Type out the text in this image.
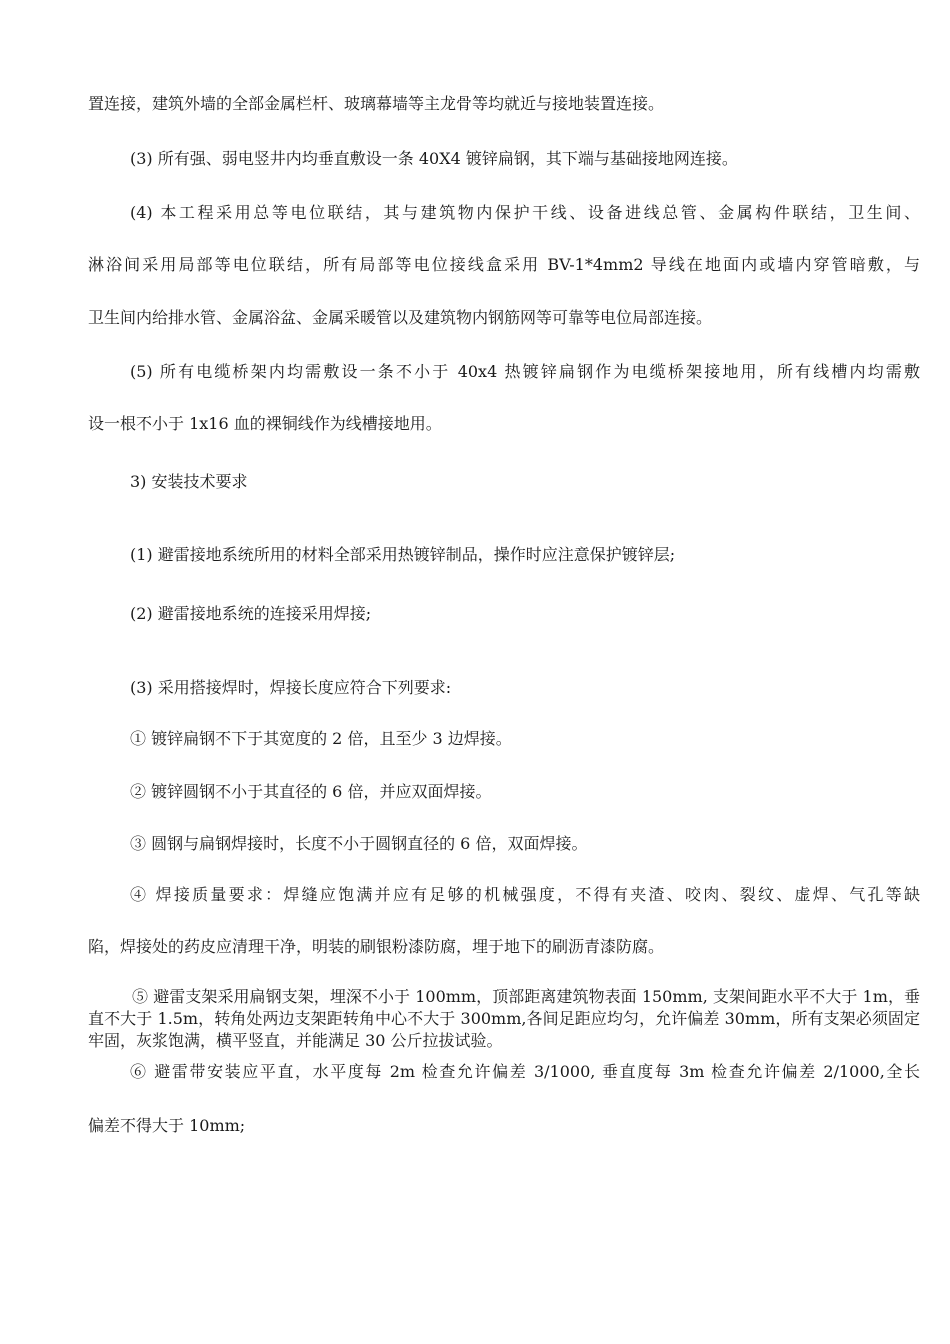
置连接，建筑外墙的全部金属栏杆、玻璃幕墙等主龙骨等均就近与接地装置连接。

(3) 所有强、弱电竖井内均垂直敷设一条 40X4 镀锌扁钢，其下端与基础接地网连接。

(4) 本工程采用总等电位联结，其与建筑物内保护干线、设备进线总管、金属构件联结，卫生间、

淋浴间采用局部等电位联结，所有局部等电位接线盒采用 BV-1*4mm2 导线在地面内或墙内穿管暗敷，与

卫生间内给排水管、金属浴盆、金属采暖管以及建筑物内钢筋网等可靠等电位局部连接。

(5) 所有电缆桥架内均需敷设一条不小于 40x4 热镀锌扁钢作为电缆桥架接地用，所有线槽内均需敷

设一根不小于 1x16 血的裸铜线作为线槽接地用。

3) 安装技术要求

(1) 避雷接地系统所用的材料全部采用热镀锌制品，操作时应注意保护镀锌层;

(2) 避雷接地系统的连接采用焊接;

(3) 采用搭接焊时，焊接长度应符合下列要求:

① 镀锌扁钢不下于其宽度的 2 倍，且至少 3 边焊接。

② 镀锌圆钢不小于其直径的 6 倍，并应双面焊接。

③ 圆钢与扁钢焊接时，长度不小于圆钢直径的 6 倍，双面焊接。

④ 焊接质量要求：焊缝应饱满并应有足够的机械强度，不得有夹渣、咬肉、裂纹、虚焊、气孔等缺

陷，焊接处的药皮应清理干净，明装的刷银粉漆防腐，埋于地下的刷沥青漆防腐。

⑤ 避雷支架采用扁钢支架，埋深不小于 100mm，顶部距离建筑物表面 150mm, 支架间距水平不大于 1m，垂直不大于 1.5m，转角处两边支架距转角中心不大于 300mm,各间足距应均匀，允许偏差 30mm，所有支架必须固定牢固，灰浆饱满，横平竖直，并能满足 30 公斤拉拔试验。

⑥ 避雷带安装应平直，水平度每 2m 检查允许偏差 3/1000, 垂直度每 3m 检查允许偏差 2/1000,全长

偏差不得大于 10mm;
